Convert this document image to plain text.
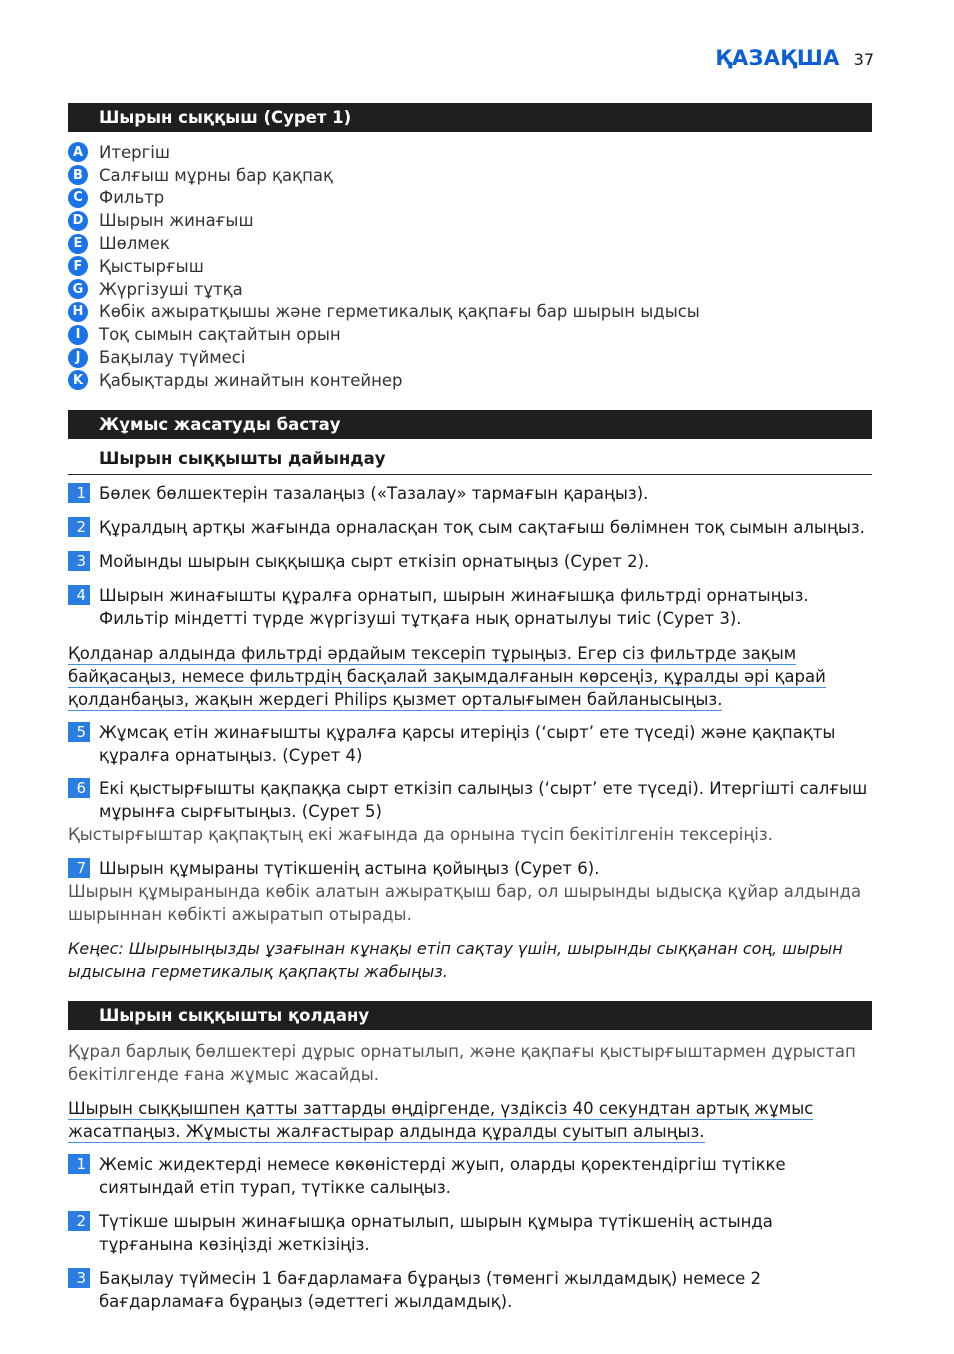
ҚАЗАҚША 37
Шырын сыққыш (Сурет 1)
A Итергіш
B Салғыш мұрны бар қақпақ
C Фильтр
D Шырын жинағыш
E	Шөлмек
F	Қыстырғыш
G Жүргізуші тұтқа
H Көбік ажыратқышы және герметикалық қақпағы бар шырын ыдысы
I	Тоқ сымын сақтайтын орын
J	Бақылау түймесі
K Қабықтарды жинайтын контейнер
Жұмыс жасатуды бастау
Шырын сыққышты дайындау
1 Бөлек бөлшектерін тазалаңыз («Тазалау» тармағын қараңыз).
2 Құралдың артқы жағында орналасқан тоқ сым сақтағыш бөлімнен тоқ сымын алыңыз.
3 Мойынды шырын сыққышқа сырт еткізіп орнатыңыз (Сурет 2).
4 Шырын жинағышты құралға орнатып, шырын жинағышқа фильтрді орнатыңыз. Фильтір міндетті түрде жүргізуші тұтқаға нық орнатылуы тиіс (Сурет 3).
Қолданар алдында фильтрді әрдайым тексеріп тұрыңыз. Егер сіз фильтрде зақым
байқасаңыз, немесе фильтрдің басқалай зақымдалғанын көрсеңіз, құралды әрі қарай
қолданбаңыз, жақын жердегі Philips қызмет орталығымен байланысыңыз.
5 Жұмсақ етін жинағышты құралға қарсы итеріңіз (‘сырт’ ете түседі) және қақпақты құралға орнатыңыз. (Сурет 4)
6 Екі қыстырғышты қақпаққа сырт еткізіп салыңыз (‘сырт’ ете түседі). Итергішті салғыш мұрынға сырғытыңыз. (Сурет 5)
Қыстырғыштар қақпақтың екі жағында да орнына түсіп бекітілгенін тексеріңіз.
7 Шырын құмыраны түтікшенің астына қойыңыз (Сурет 6).
Шырын құмыранында көбік алатын ажыратқыш бар, ол шырынды ыдысқа құйар алдында шырыннан көбікті ажыратып отырады.
Кеңес: Шырыныңызды ұзағынан кұнақы етіп сақтау үшін, шырынды сыққанан соң, шырын ыдысына герметикалық қақпақты жабыңыз.
Шырын сыққышты қолдану
Құрал барлық бөлшектері дұрыс орнатылып, және қақпағы қыстырғыштармен дұрыстап бекітілгенде ғана жұмыс жасайды.
Шырын сыққышпен қатты заттарды өңдіргенде, үздіксіз 40 секундтан артық жұмыс
жасатпаңыз. Жұмысты жалғастырар алдында құралды суытып алыңыз.
1 Жеміс жидектерді немесе көкөністерді жуып, оларды қоректендіргіш түтікке сиятындай етіп турап, түтікке салыңыз.
2 Түтікше шырын жинағышқа орнатылып, шырын құмыра түтікшенің астында тұрғанына көзіңізді жеткізіңіз.
3 Бақылау түймесін 1 бағдарламаға бұраңыз (төменгі жылдамдық) немесе 2 бағдарламаға бұраңыз (әдеттегі жылдамдық).
